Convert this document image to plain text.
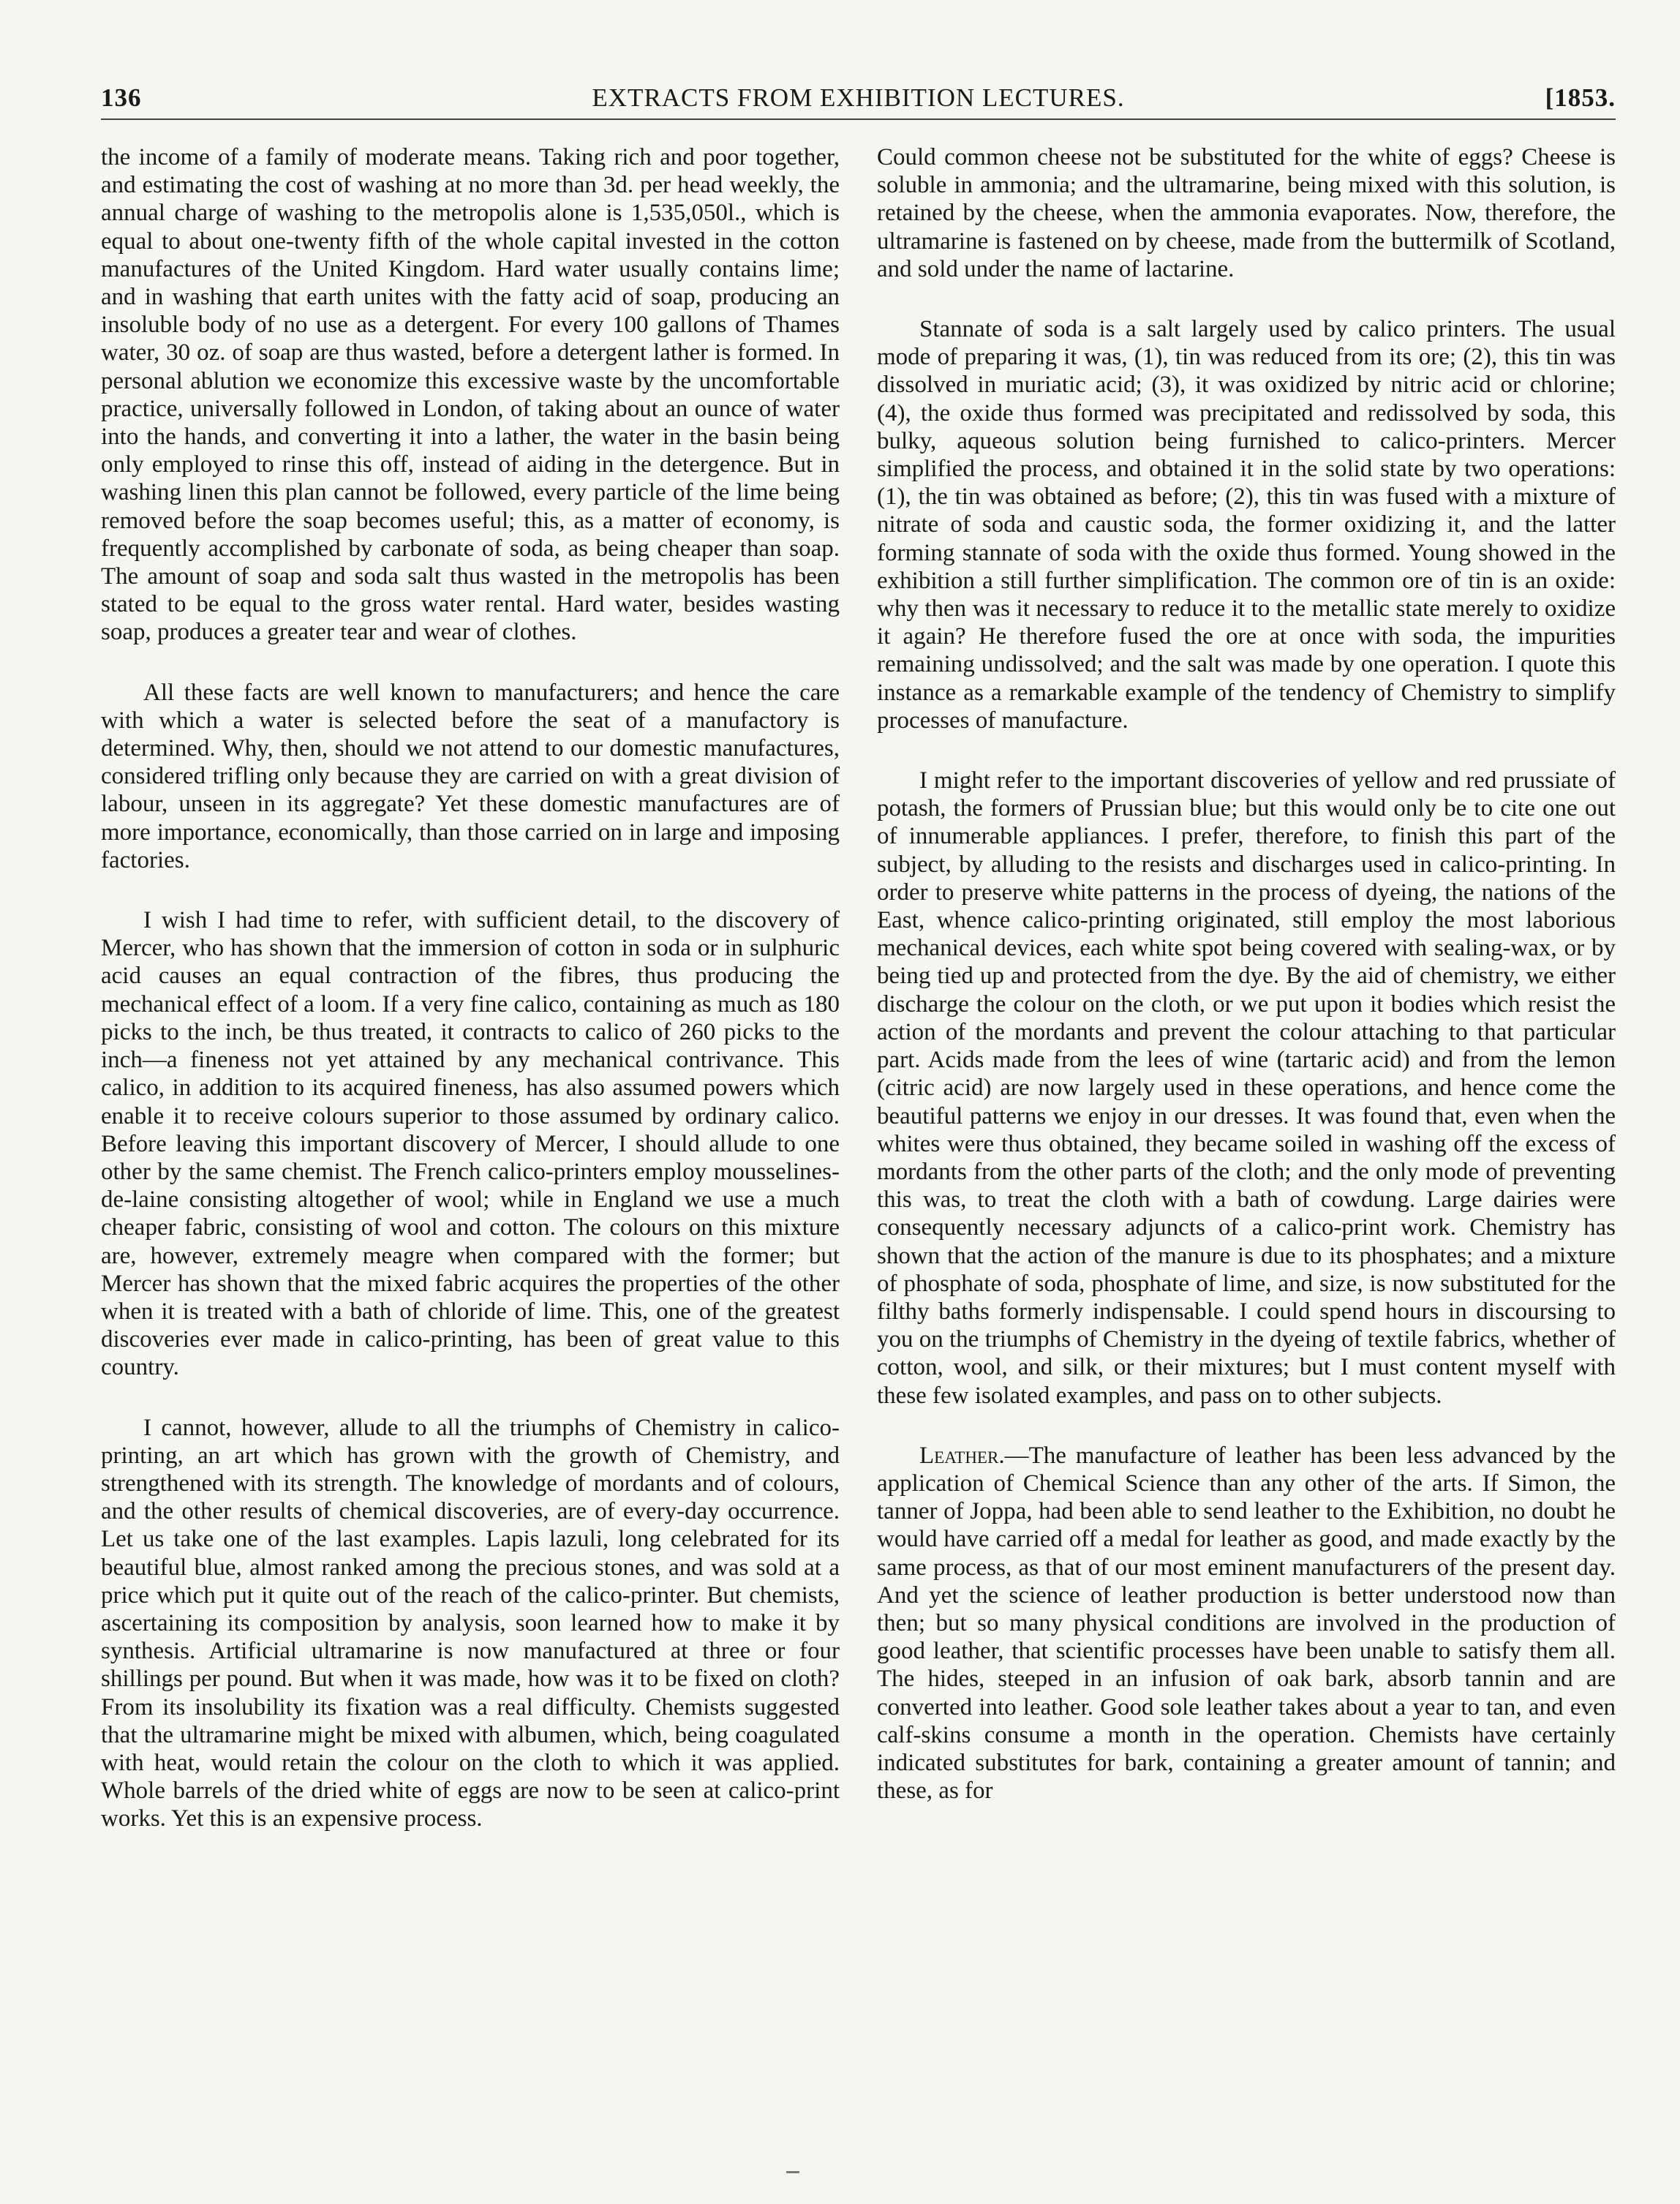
136	EXTRACTS FROM EXHIBITION LECTURES.	[1853.

the income of a family of moderate means. Taking rich and poor together, and estimating the cost of washing at no more than 3d. per head weekly, the annual charge of washing to the metropolis alone is 1,535,050l., which is equal to about one-twenty fifth of the whole capital invested in the cotton manufactures of the United Kingdom. Hard water usually contains lime; and in washing that earth unites with the fatty acid of soap, producing an insoluble body of no use as a detergent. For every 100 gallons of Thames water, 30 oz. of soap are thus wasted, before a detergent lather is formed. In personal ablution we economize this excessive waste by the uncomfortable practice, universally followed in London, of taking about an ounce of water into the hands, and converting it into a lather, the water in the basin being only employed to rinse this off, instead of aiding in the detergence. But in washing linen this plan cannot be followed, every particle of the lime being removed before the soap becomes useful; this, as a matter of economy, is frequently accomplished by carbonate of soda, as being cheaper than soap. The amount of soap and soda salt thus wasted in the metropolis has been stated to be equal to the gross water rental. Hard water, besides wasting soap, produces a greater tear and wear of clothes.

All these facts are well known to manufacturers; and hence the care with which a water is selected before the seat of a manufactory is determined. Why, then, should we not attend to our domestic manufactures, considered trifling only because they are carried on with a great division of labour, unseen in its aggregate? Yet these domestic manufactures are of more importance, economically, than those carried on in large and imposing factories.

I wish I had time to refer, with sufficient detail, to the discovery of Mercer, who has shown that the immersion of cotton in soda or in sulphuric acid causes an equal contraction of the fibres, thus producing the mechanical effect of a loom. If a very fine calico, containing as much as 180 picks to the inch, be thus treated, it contracts to calico of 260 picks to the inch—a fineness not yet attained by any mechanical contrivance. This calico, in addition to its acquired fineness, has also assumed powers which enable it to receive colours superior to those assumed by ordinary calico. Before leaving this important discovery of Mercer, I should allude to one other by the same chemist. The French calico-printers employ mousselines-de-laine consisting altogether of wool; while in England we use a much cheaper fabric, consisting of wool and cotton. The colours on this mixture are, however, extremely meagre when compared with the former; but Mercer has shown that the mixed fabric acquires the properties of the other when it is treated with a bath of chloride of lime. This, one of the greatest discoveries ever made in calico-printing, has been of great value to this country.

I cannot, however, allude to all the triumphs of Chemistry in calico-printing, an art which has grown with the growth of Chemistry, and strengthened with its strength. The knowledge of mordants and of colours, and the other results of chemical discoveries, are of every-day occurrence. Let us take one of the last examples. Lapis lazuli, long celebrated for its beautiful blue, almost ranked among the precious stones, and was sold at a price which put it quite out of the reach of the calico-printer. But chemists, ascertaining its composition by analysis, soon learned how to make it by synthesis. Artificial ultramarine is now manufactured at three or four shillings per pound. But when it was made, how was it to be fixed on cloth? From its insolubility its fixation was a real difficulty. Chemists suggested that the ultramarine might be mixed with albumen, which, being coagulated with heat, would retain the colour on the cloth to which it was applied. Whole barrels of the dried white of eggs are now to be seen at calico-print works. Yet this is an expensive process.

Could common cheese not be substituted for the white of eggs? Cheese is soluble in ammonia; and the ultramarine, being mixed with this solution, is retained by the cheese, when the ammonia evaporates. Now, therefore, the ultramarine is fastened on by cheese, made from the buttermilk of Scotland, and sold under the name of lactarine.

Stannate of soda is a salt largely used by calico printers. The usual mode of preparing it was, (1), tin was reduced from its ore; (2), this tin was dissolved in muriatic acid; (3), it was oxidized by nitric acid or chlorine; (4), the oxide thus formed was precipitated and redissolved by soda, this bulky, aqueous solution being furnished to calico-printers. Mercer simplified the process, and obtained it in the solid state by two operations: (1), the tin was obtained as before; (2), this tin was fused with a mixture of nitrate of soda and caustic soda, the former oxidizing it, and the latter forming stannate of soda with the oxide thus formed. Young showed in the exhibition a still further simplification. The common ore of tin is an oxide: why then was it necessary to reduce it to the metallic state merely to oxidize it again? He therefore fused the ore at once with soda, the impurities remaining undissolved; and the salt was made by one operation. I quote this instance as a remarkable example of the tendency of Chemistry to simplify processes of manufacture.

I might refer to the important discoveries of yellow and red prussiate of potash, the formers of Prussian blue; but this would only be to cite one out of innumerable appliances. I prefer, therefore, to finish this part of the subject, by alluding to the resists and discharges used in calico-printing. In order to preserve white patterns in the process of dyeing, the nations of the East, whence calico-printing originated, still employ the most laborious mechanical devices, each white spot being covered with sealing-wax, or by being tied up and protected from the dye. By the aid of chemistry, we either discharge the colour on the cloth, or we put upon it bodies which resist the action of the mordants and prevent the colour attaching to that particular part. Acids made from the lees of wine (tartaric acid) and from the lemon (citric acid) are now largely used in these operations, and hence come the beautiful patterns we enjoy in our dresses. It was found that, even when the whites were thus obtained, they became soiled in washing off the excess of mordants from the other parts of the cloth; and the only mode of preventing this was, to treat the cloth with a bath of cowdung. Large dairies were consequently necessary adjuncts of a calico-print work. Chemistry has shown that the action of the manure is due to its phosphates; and a mixture of phosphate of soda, phosphate of lime, and size, is now substituted for the filthy baths formerly indispensable. I could spend hours in discoursing to you on the triumphs of Chemistry in the dyeing of textile fabrics, whether of cotton, wool, and silk, or their mixtures; but I must content myself with these few isolated examples, and pass on to other subjects.

Leather.—The manufacture of leather has been less advanced by the application of Chemical Science than any other of the arts. If Simon, the tanner of Joppa, had been able to send leather to the Exhibition, no doubt he would have carried off a medal for leather as good, and made exactly by the same process, as that of our most eminent manufacturers of the present day. And yet the science of leather production is better understood now than then; but so many physical conditions are involved in the production of good leather, that scientific processes have been unable to satisfy them all. The hides, steeped in an infusion of oak bark, absorb tannin and are converted into leather. Good sole leather takes about a year to tan, and even calf-skins consume a month in the operation. Chemists have certainly indicated substitutes for bark, containing a greater amount of tannin; and these, as for
